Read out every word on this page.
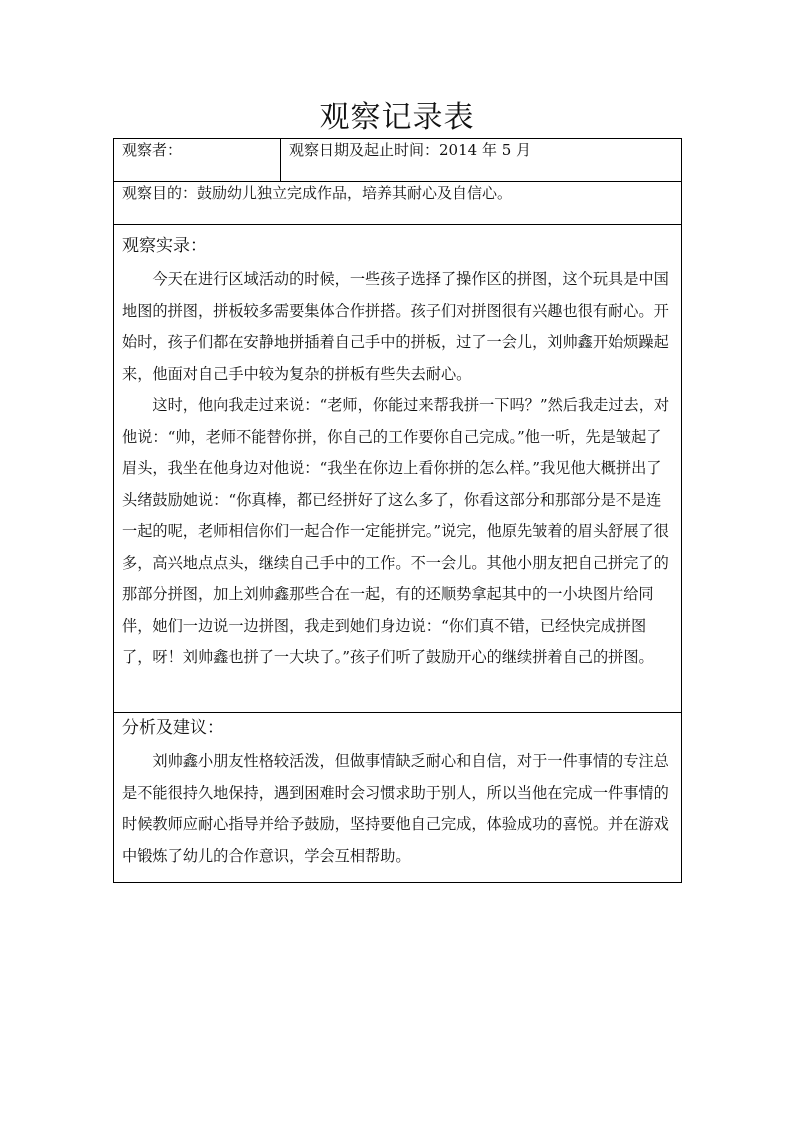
观察记录表
观察者：	观察日期及起止时间：2014 年 5 月
观察目的：鼓励幼儿独立完成作品，培养其耐心及自信心。

观察实录：

今天在进行区域活动的时候，一些孩子选择了操作区的拼图，这个玩具是中国地图的拼图，拼板较多需要集体合作拼搭。孩子们对拼图很有兴趣也很有耐心。开始时，孩子们都在安静地拼插着自己手中的拼板，过了一会儿，刘帅鑫开始烦躁起来，他面对自己手中较为复杂的拼板有些失去耐心。

这时，他向我走过来说：“老师，你能过来帮我拼一下吗？”然后我走过去，对他说：“帅，老师不能替你拼，你自己的工作要你自己完成。”他一听，先是皱起了眉头，我坐在他身边对他说：“我坐在你边上看你拼的怎么样。”我见他大概拼出了头绪鼓励她说：“你真棒，都已经拼好了这么多了，你看这部分和那部分是不是连一起的呢，老师相信你们一起合作一定能拼完。”说完，他原先皱着的眉头舒展了很多，高兴地点点头，继续自己手中的工作。不一会儿。其他小朋友把自己拼完了的那部分拼图，加上刘帅鑫那些合在一起，有的还顺势拿起其中的一小块图片给同伴，她们一边说一边拼图，我走到她们身边说：“你们真不错，已经快完成拼图了，呀！刘帅鑫也拼了一大块了。”孩子们听了鼓励开心的继续拼着自己的拼图。

分析及建议：

刘帅鑫小朋友性格较活泼，但做事情缺乏耐心和自信，对于一件事情的专注总是不能很持久地保持，遇到困难时会习惯求助于别人，所以当他在完成一件事情的时候教师应耐心指导并给予鼓励，坚持要他自己完成，体验成功的喜悦。并在游戏中锻炼了幼儿的合作意识，学会互相帮助。
